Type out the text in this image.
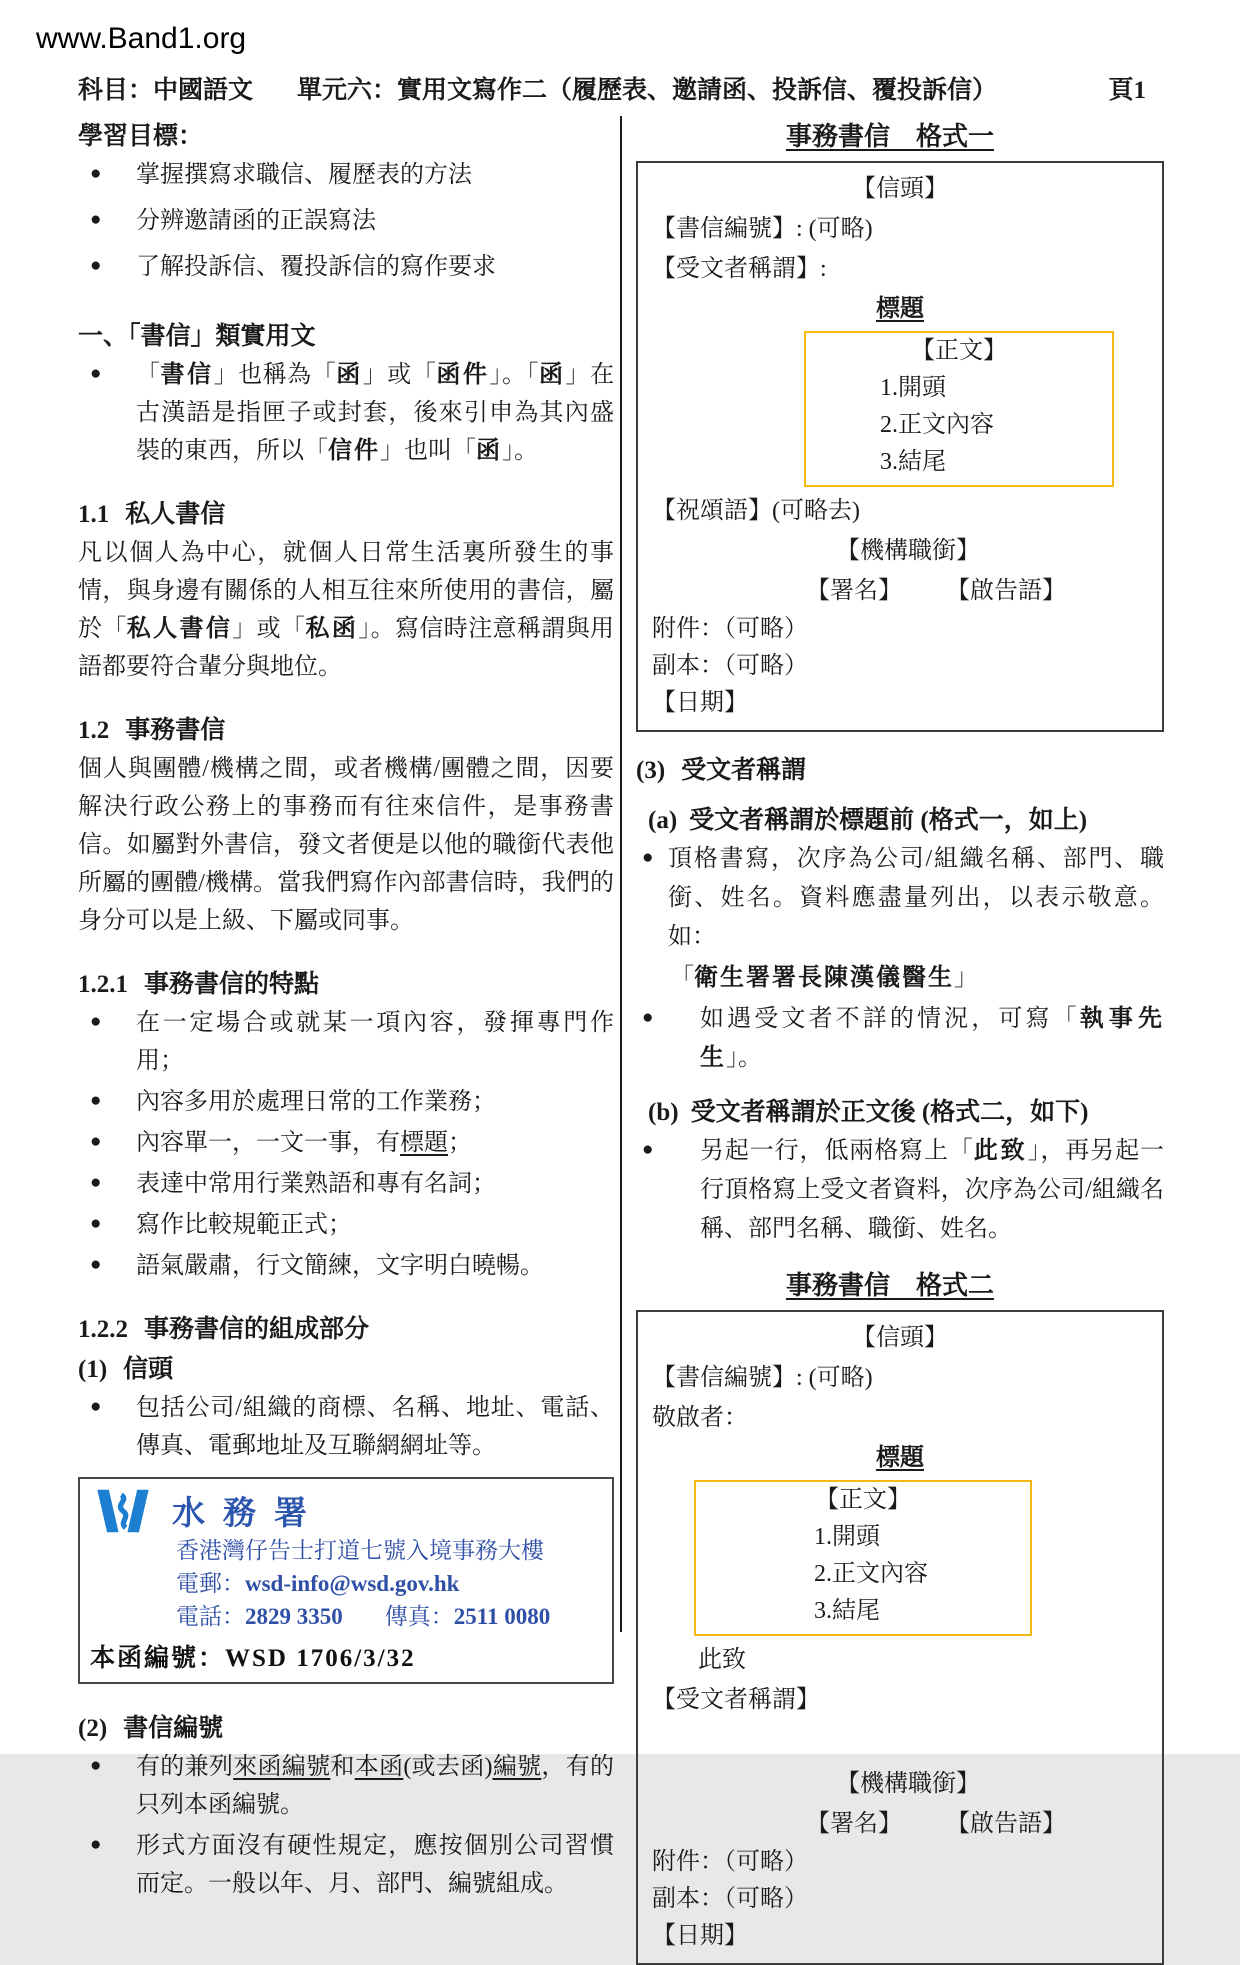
www.Band1.org
科目：中國語文 單元六：實用文寫作二（履歷表、邀請函、投訴信、覆投訴信）	頁1
學習目標：
● 掌握撰寫求職信、履歷表的方法
● 分辨邀請函的正誤寫法
● 了解投訴信、覆投訴信的寫作要求
一、「書信」類實用文
● 「書信」也稱為「函」或「函件」。「函」在古漢語是指匣子或封套，後來引申為其內盛裝的東西，所以「信件」也叫「函」。
1.1 私人書信
凡以個人為中心，就個人日常生活裏所發生的事情，與身邊有關係的人相互往來所使用的書信，屬於「私人書信」或「私函」。寫信時注意稱謂與用語都要符合輩分與地位。
1.2 事務書信
個人與團體/機構之間，或者機構/團體之間，因要解決行政公務上的事務而有往來信件，是事務書信。如屬對外書信，發文者便是以他的職銜代表他所屬的團體/機構。當我們寫作內部書信時，我們的身分可以是上級、下屬或同事。
1.2.1 事務書信的特點
● 在一定場合或就某一項內容，發揮專門作用；
● 內容多用於處理日常的工作業務；
● 內容單一，一文一事，有標題；
● 表達中常用行業熟語和專有名詞；
● 寫作比較規範正式；
● 語氣嚴肅，行文簡練，文字明白曉暢。
1.2.2 事務書信的組成部分
(1) 信頭
● 包括公司/組織的商標、名稱、地址、電話、傳真、電郵地址及互聯網網址等。
水務署
香港灣仔告士打道七號入境事務大樓
電郵：wsd-info@wsd.gov.hk
電話：2829 3350 傳真：2511 0080
本函編號：WSD 1706/3/32
(2) 書信編號
● 有的兼列來函編號和本函(或去函)編號，有的只列本函編號。
● 形式方面沒有硬性規定，應按個別公司習慣而定。一般以年、月、部門、編號組成。
事務書信　格式一
【信頭】
【書信編號】: (可略)
【受文者稱謂】:
標題
【正文】
1.開頭
2.正文內容
3.結尾
【祝頌語】(可略去)
【機構職銜】
【署名】 【啟告語】
附件：（可略）
副本：（可略）
【日期】
(3) 受文者稱謂
(a) 受文者稱謂於標題前 (格式一，如上)
● 頂格書寫，次序為公司/組織名稱、部門、職銜、姓名。資料應盡量列出，以表示敬意。如：
「衛生署署長陳漢儀醫生」
● 如遇受文者不詳的情況，可寫「執事先生」。
(b) 受文者稱謂於正文後 (格式二，如下)
● 另起一行，低兩格寫上「此致」，再另起一行頂格寫上受文者資料，次序為公司/組織名稱、部門名稱、職銜、姓名。
事務書信　格式二
【信頭】
【書信編號】: (可略)
敬啟者：
標題
【正文】
1.開頭
2.正文內容
3.結尾
此致
【受文者稱謂】
【機構職銜】
【署名】 【啟告語】
附件：（可略）
副本：（可略）
【日期】
